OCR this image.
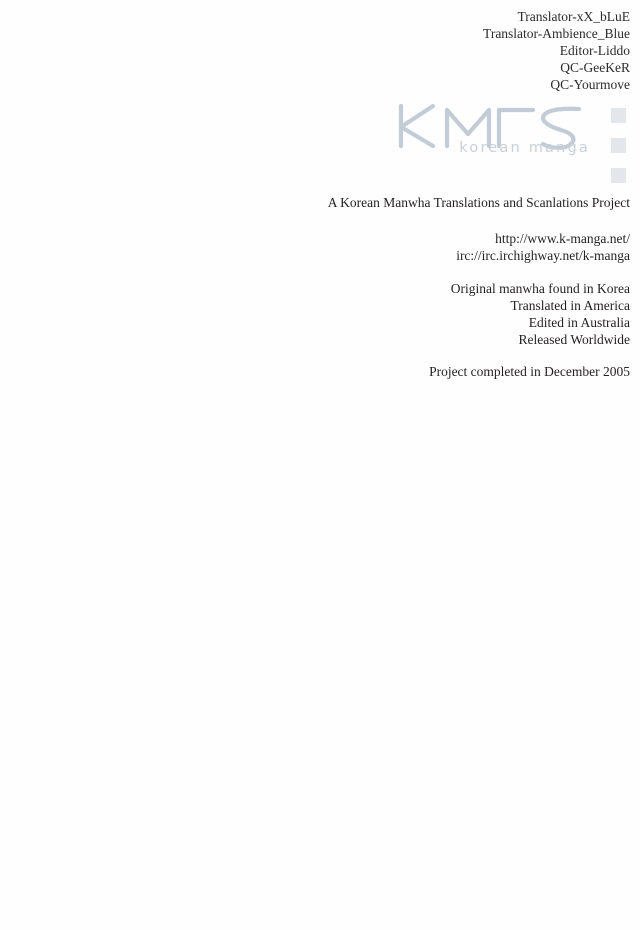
Translator-xX_bLuE
Translator-Ambience_Blue
Editor-Liddo
QC-GeeKeR
QC-Yourmove
korean manga
A Korean Manwha Translations and Scanlations Project
http://www.k-manga.net/
irc://irc.irchighway.net/k-manga
Original manwha found in Korea
Translated in America
Edited in Australia
Released Worldwide
Project completed in December 2005
